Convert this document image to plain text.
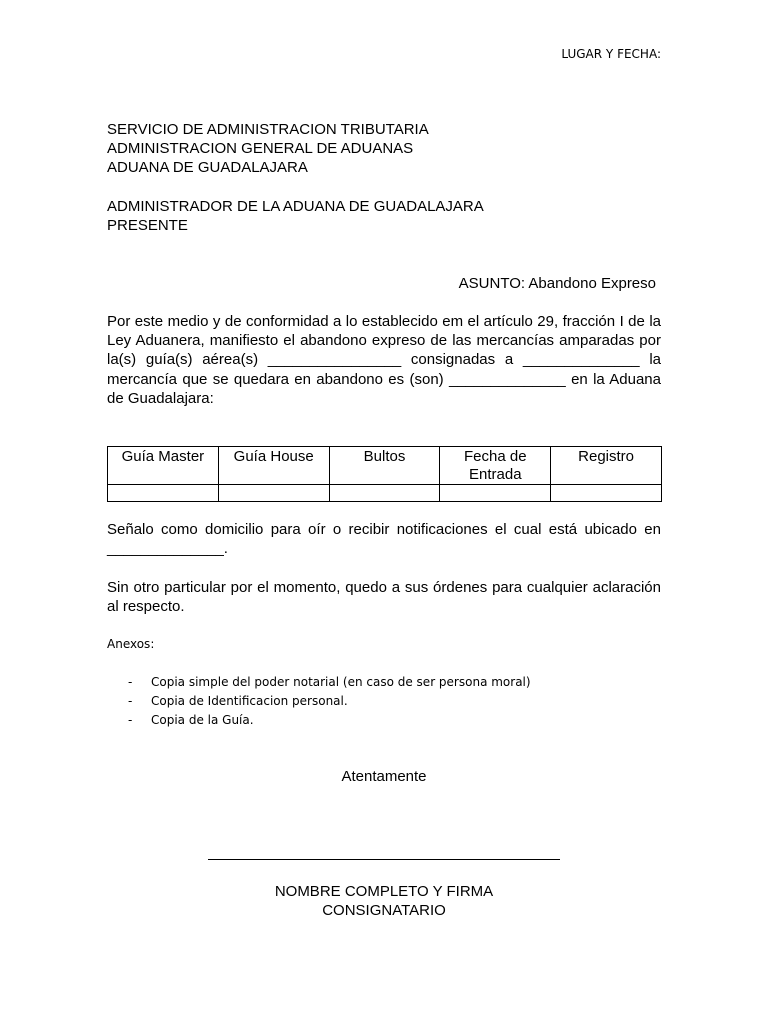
LUGAR Y FECHA:
SERVICIO DE ADMINISTRACION TRIBUTARIA
ADMINISTRACION GENERAL DE ADUANAS
ADUANA DE GUADALAJARA
ADMINISTRADOR DE LA ADUANA DE GUADALAJARA
PRESENTE
ASUNTO: Abandono Expreso
Por este medio y de conformidad a lo establecido em el artículo 29, fracción I de la
Ley Aduanera, manifiesto el abandono expreso de las mercancías amparadas por
la(s) guía(s) aérea(s) ________________ consignadas a ______________ la
mercancía que se quedara en abandono es (son) ______________ en la Aduana
de Guadalajara:
Guía Master	Guía House	Bultos	Fecha de Entrada	Registro

Señalo como domicilio para oír o recibir notificaciones el cual está ubicado en
______________.
Sin otro particular por el momento, quedo a sus órdenes para cualquier aclaración
al respecto.
Anexos:
- Copia simple del poder notarial (en caso de ser persona moral)
- Copia de Identificacion personal.
- Copia de la Guía.
Atentamente
NOMBRE COMPLETO Y FIRMA
CONSIGNATARIO
